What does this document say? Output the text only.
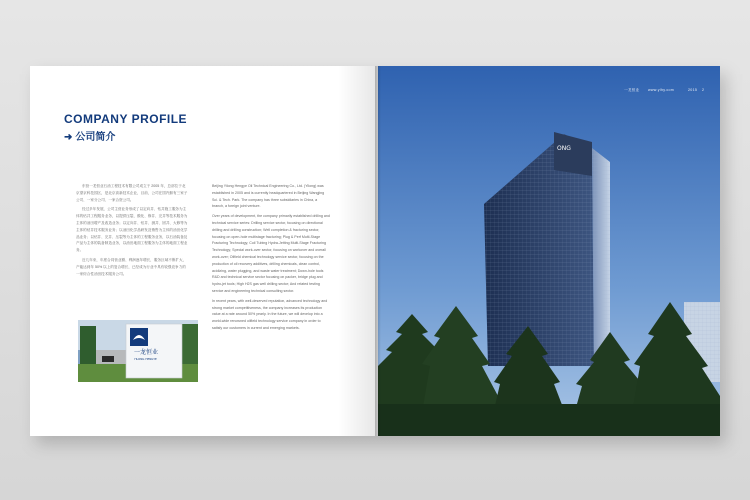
COMPANY PROFILE
➜ 公司简介

东营一龙恒业石油工程技术有限公司成立于 2005 年，总部位于北京望京科技园区，是北京高新技术企业，目前，公司在国内拥有三家子公司、一家分公司、一家合资公司。

经过多年发展，公司主营业务形成了以定向井、钻井施工服务为主体的钻井工程服务业务，以提供压裂、酸化、修井、完井等技术服务为主体的油田增产及改造业务；以定向井、钻井、测井、固井、大修等为主体的钻井技术服务业务；以油田化学品研发及销售为主体的油田化学品业务；以钻井、完井、压裂等为主体的工程服务业务，以石油装备及产品为主体的装备制造业务，以油田地面工程服务为主体的地面工程业务。

近几年来，年度合同营业额、利润逐年增长，服务区域不断扩大，产能达到年 50% 以上的复合增长，已经成为行业中具有较强竞争力的一家综合性油田技术服务公司。

Beijing Yilong Hengye Oil Technical Engineering Co., Ltd. (Yilong) was established in 2005 and is currently headquartered in Beijing Wangjing Sci. & Tech. Park. The company has three subsidiaries in China, a branch, a foreign joint venture.

Over years of development, the company primarily established drilling and technical service series: Drilling service sector, focusing on directional drilling and drilling construction; Well completion & fracturing sector, focusing on open-hole multistage fracturing; Plug & Perf Multi-Stage Fracturing Technology; Coil Tubing Hydra-Jetting Multi-Stage Fracturing Technology; Special work-over sector, focusing on workover and overall work-over; Oilfield chemical technology service sector, focusing on the production of oil recovery additives, drilling chemicals, clean control, acidizing, water plugging, and waste water treatment; Down-hole tools R&D and technical service sector focusing on packer, bridge plug and hydro-jet tools; High H2S gas well drilling sector; And related testing service and engineering technical consulting sector.

In recent years, with well-deserved reputation, advanced technology and strong market competitiveness, the company increases its production value at a rate around 50% yearly. In the future, we will develop into a world-wide renowned oilfield technology service company in order to satisfy our customers in current and emerging markets.

一龙恒业
YILONG HENGYE
ONG
一龙恒业 www.ylhy.com	2015 2
